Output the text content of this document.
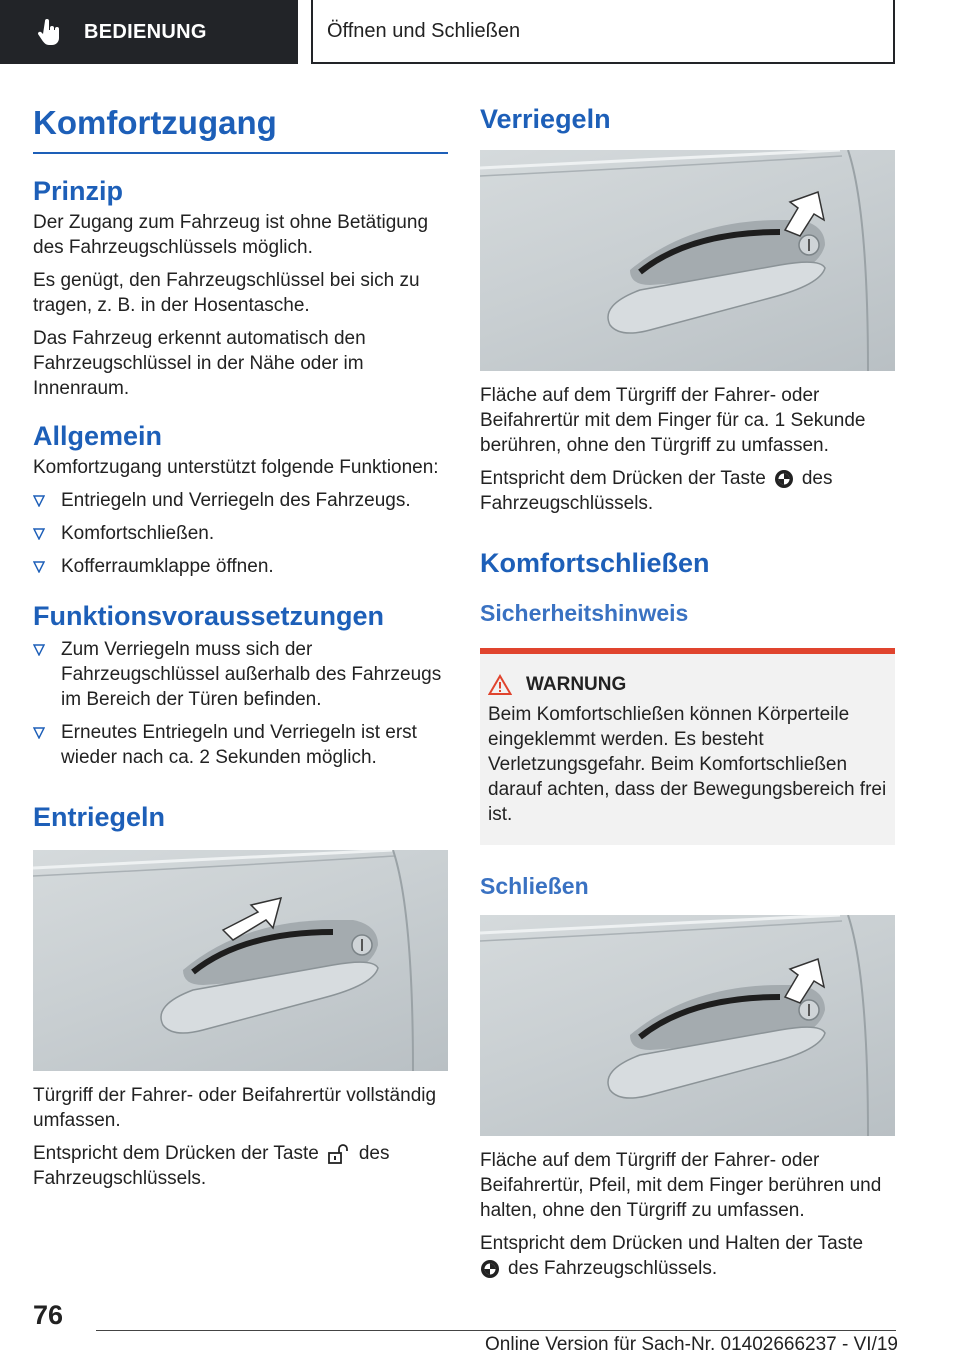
BEDIENUNG	Öffnen und Schließen
Komfortzugang
Prinzip

Der Zugang zum Fahrzeug ist ohne Betätigung des Fahrzeugschlüssels möglich.

Es genügt, den Fahrzeugschlüssel bei sich zu tragen, z. B. in der Hosentasche.

Das Fahrzeug erkennt automatisch den Fahrzeugschlüssel in der Nähe oder im Innenraum.

Allgemein

Komfortzugang unterstützt folgende Funktionen:

Entriegeln und Verriegeln des Fahrzeugs.
Komfortschließen.
Kofferraumklappe öffnen.
Funktionsvoraussetzungen
Zum Verriegeln muss sich der Fahrzeugschlüssel außerhalb des Fahrzeugs im Bereich der Türen befinden.
Erneutes Entriegeln und Verriegeln ist erst wieder nach ca. 2 Sekunden möglich.
Entriegeln

Türgriff der Fahrer- oder Beifahrertür vollständig umfassen.

Entspricht dem Drücken der Taste des Fahrzeugschlüssels.

Verriegeln

Fläche auf dem Türgriff der Fahrer- oder Beifahrertür mit dem Finger für ca. 1 Sekunde berühren, ohne den Türgriff zu umfassen.

Entspricht dem Drücken der Taste des Fahrzeugschlüssels.

Komfortschließen
Sicherheitshinweis
WARNUNG

Beim Komfortschließen können Körperteile eingeklemmt werden. Es besteht Verletzungsgefahr. Beim Komfortschließen darauf achten, dass der Bewegungsbereich frei ist.

Schließen

Fläche auf dem Türgriff der Fahrer- oder Beifahrertür, Pfeil, mit dem Finger berühren und halten, ohne den Türgriff zu umfassen.

Entspricht dem Drücken und Halten der Taste
des Fahrzeugschlüssels.

76
Online Version für Sach-Nr. 01402666237 - VI/19
